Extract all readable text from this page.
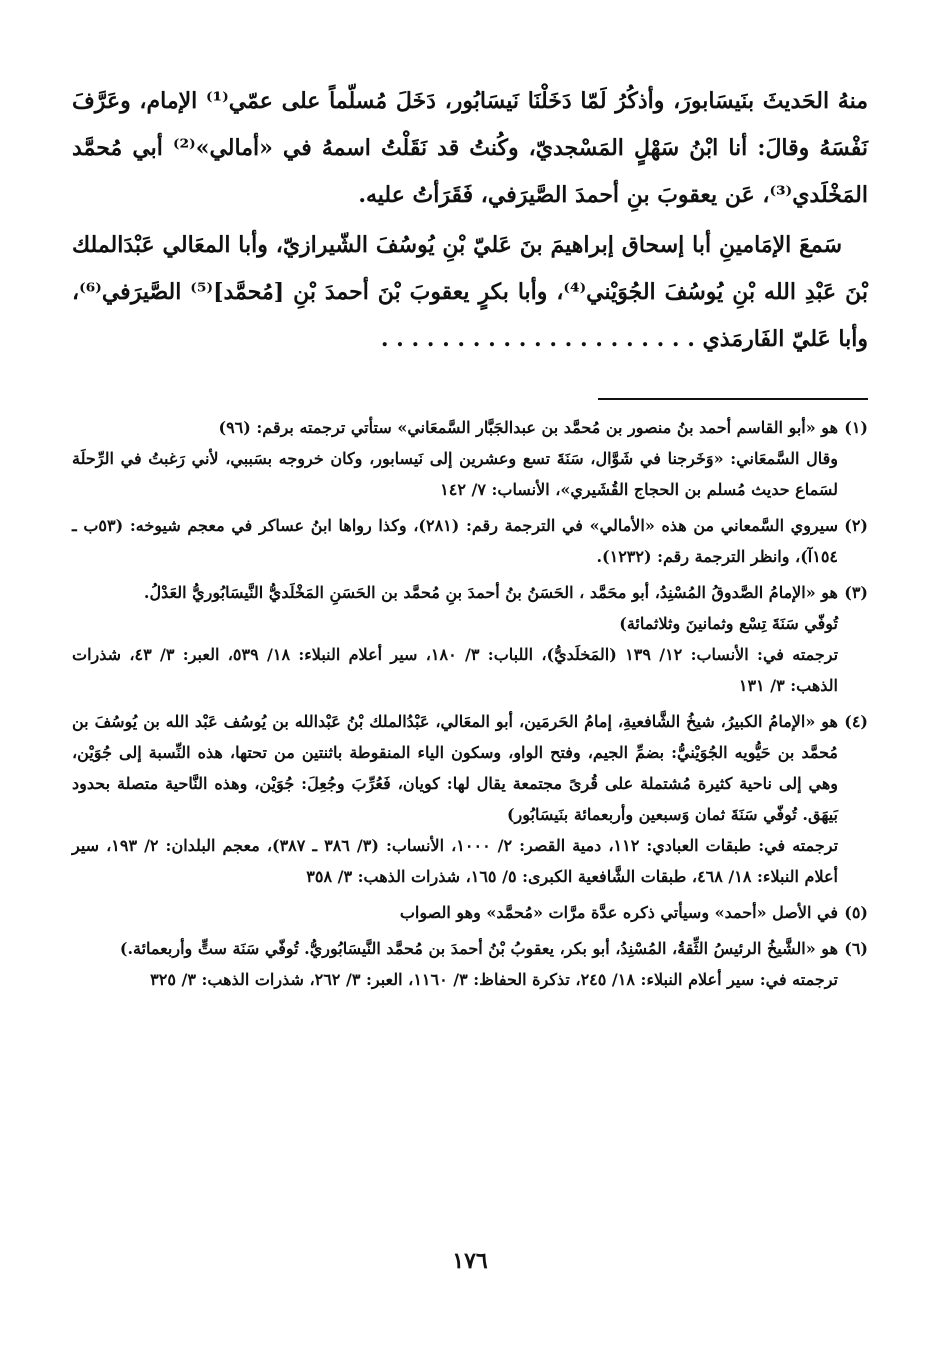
منهُ الحَديثَ بنَيسَابورَ، وأذكُرُ لَمّا دَخَلْنَا نَيسَابُور، دَخَلَ مُسلّماً على عمّي⁽¹⁾ الإمام، وعَرَّفَ نَفْسَهُ وقالَ: أنا ابْنُ سَهْلٍ المَسْجديّ، وكُنتُ قد نَقَلْتُ اسمهُ في «أمالي»⁽²⁾ أبي مُحمَّد المَخْلَدي⁽³⁾، عَن يعقوبَ بنِ أحمدَ الصَّيرَفي، فَقَرَأتُ عليه.

سَمعَ الإمَامينِ أبا إسحاق إبراهيمَ بنَ عَليّ بْنِ يُوسُفَ الشّيرازيّ، وأبا المعَالي عَبْدَالملك بْنَ عَبْدِ الله بْنِ يُوسُفَ الجُوَيْني⁽⁴⁾، وأبا بكرٍ يعقوبَ بْنَ أحمدَ بْنِ [مُحمَّد]⁽⁵⁾ الصَّيرَفي⁽⁶⁾، وأبا عَليّ الفَارمَذي . . . . . . . . . . . . . . . . . . . . .

(١)
هو «أبو القاسم أحمد بنُ منصور بن مُحمَّد بن عبدالجَبَّار السَّمعَاني» ستأتي ترجمته برقم: (٩٦)
وقال السَّمعَاني: «وَخَرجنا في شَوَّال، سَنَةَ تسع وعشرين إلى نَيسابور، وكان خروجه بسَببي، لأني رَغبتُ في الرِّحلَة لسَماع حديث مُسلم بن الحجاج القُشَيري»، الأنساب: ٧/ ١٤٢
(٢)
سيروي السَّمعاني من هذه «الأمالي» في الترجمة رقم: (٢٨١)، وكذا رواها ابنُ عساكر في معجم شيوخه: (٥٣ب ـ ١٥٤آ)، وانظر الترجمة رقم: (١٢٣٢).
(٣)
هو «الإمامُ الصَّدوقُ المُسْنِدُ، أبو محَمَّد ، الحَسَنُ بنُ أحمدَ بنِ مُحمَّد بن الحَسَنِ المَخْلَديُّ النَّيسَابُوريُّ العَدْلُ.
تُوفّي سَنَةَ تِسْع وثمانينَ وثلاثمائة)
ترجمته في: الأنساب: ١٢/ ١٣٩ (المَخلَديُّ)، اللباب: ٣/ ١٨٠، سير أعلام النبلاء: ١٨/ ٥٣٩، العبر: ٣/ ٤٣، شذرات الذهب: ٣/ ١٣١
(٤)
هو «الإمامُ الكبيرُ، شيخُ الشَّافعيةِ، إمامُ الحَرمَين، أبو المعَالي، عَبْدُالملك بْنُ عَبْدالله بن يُوسُف عَبْد الله بن يُوسُفَ بن مُحمَّد بن حَيُّويه الجُوَيْنيُّ: بضمِّ الجيم، وفتح الواو، وسكون الياء المنقوطة باثنتين من تحتها، هذه النِّسبة إلى جُوَيْن، وهي إلى ناحية كثيرة مُشتملة على قُرىً مجتمعة يقال لها: كويان، فَعُرِّبَ وجُعِلَ: جُوَيْن، وهذه النَّاحية متصلة بحدود بَيهَق. تُوفّي سَنَةَ ثمان وَسبعين وأربعمائة بنَيسَابُور)
ترجمته في: طبقات العبادي: ١١٢، دمية القصر: ٢/ ١٠٠٠، الأنساب: (٣/ ٣٨٦ ـ ٣٨٧)، معجم البلدان: ٢/ ١٩٣، سير أعلام النبلاء: ١٨/ ٤٦٨، طبقات الشَّافعية الكبرى: ٥/ ١٦٥، شذرات الذهب: ٣/ ٣٥٨
(٥)
في الأصل «أحمد» وسيأتي ذكره عدَّة مرَّات «مُحمَّد» وهو الصواب
(٦)
هو «الشَّيخُ الرئيسُ الثِّقةُ، المُسْنِدُ، أبو بكر، يعقوبُ بْنُ أحمدَ بن مُحمَّد النَّيسَابُوريُّ. تُوفّي سَنَة ستٍّ وأربعمائة.)
ترجمته في: سير أعلام النبلاء: ١٨/ ٢٤٥، تذكرة الحفاظ: ٣/ ١١٦٠، العبر: ٣/ ٢٦٢، شذرات الذهب: ٣/ ٣٢٥
١٧٦
